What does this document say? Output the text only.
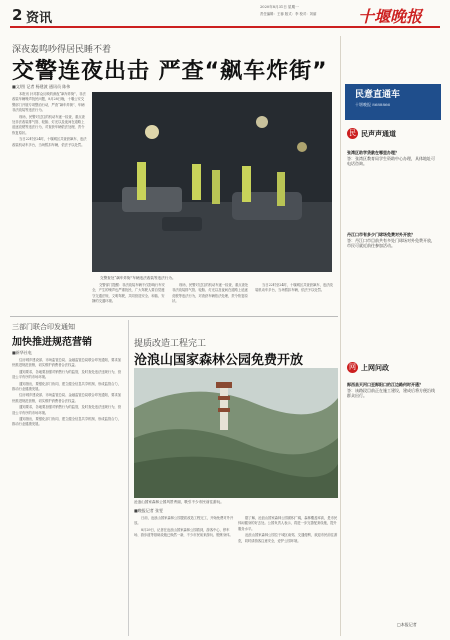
2 资讯
2020年8月31日 星期一
责任编辑：王蓉 版式：李 校对：刘丽	十堰晚报
深夜轰鸣吵得居民睡不着
交警连夜出击 严查“飙车炸街”
■文/图 记者 杨建波 通讯员 陈伟

本报讯 针对群众反映的深夜“飙车炸街”、非法改装车辆噪声扰民问题，8月28日晚，十堰公安交警部门开展专项整治行动，严查“飙车炸街”、车辆非法改装等违法行为。

现场，民警对过往的机动车逐一检查，重点查处非法改装排气管、轮胎、灯光以及夜间在道路上追逐竞驶等违法行为，对查获车辆依法处理，责令恢复原状。

当日22时至24时，十堰城区共查获飙车、违法改装机动车多台，当场暂扣车辆，依法予以处罚。

交警查处“飙车炸街”车辆违法改装等违法行为。

交警部门提醒：非法改装车辆不仅影响行车安全，产生的噪声也严重扰民，广大驾驶人要自觉遵守交通法规，文明驾驶，共同营造安全、和谐、安静的交通环境。

现场，民警对过往的机动车逐一检查，重点查处非法改装排气管、轮胎、灯光以及夜间在道路上追逐竞驶等违法行为，对查获车辆依法处理，责令恢复原状。

当日22时至24时，十堰城区共查获飙车、违法改装机动车多台，当场暂扣车辆，依法予以处罚。

民意直通车
十堰晚报 8688866
民 民声声通道
张湾区助学贷款在哪里办理？
答：张湾区教育局学生资助中心办理，具体地址可电话咨询。
丹江口市有多少门球场免费对外开放？
答：丹江口市目前共有多处门球场对外免费开放，市民可就近前往参加活动。
网 上网问政
郧西县天河口至郧阳口的江边路何时开通？
答：该路段目前正在施工建设，建成后将方便沿线群众出行。
□本报记者
三部门联合印发通知
加快推进规范营销
■新华社电

住房城乡建设部、市场监管总局、金融监管总局联合印发通知，要求加快推进规范营销，切实维护消费者合法权益。

通知要求，各地要加强对销售行为的监管，及时查处违法违规行为，营造公平有序的市场环境。

通知指出，要强化部门协同，建立健全信息共享机制，形成监管合力，推动行业健康发展。

住房城乡建设部、市场监管总局、金融监管总局联合印发通知，要求加快推进规范营销，切实维护消费者合法权益。

通知要求，各地要加强对销售行为的监管，及时查处违法违规行为，营造公平有序的市场环境。

通知指出，要强化部门协同，建立健全信息共享机制，形成监管合力，推动行业健康发展。

提质改造工程完工
沧浪山国家森林公园免费开放
沧浪山国家森林公园风景秀丽，吸引不少市民前往游玩。
■晚报记者 张雯

日前，沧浪山国家森林公园提质改造工程完工，开始免费对外开放。

8月29日，记者在沧浪山国家森林公园看到，游客中心、停车场、游步道等基础设施已焕然一新，不少市民前来游玩、锻炼身体。

据了解，沧浪山国家森林公园面积广阔，森林覆盖率高，是市民休闲健身的好去处。公园负责人表示，将进一步完善配套设施，提升服务水平。

沧浪山国家森林公园位于城区南郊，交通便利，欢迎市民前往游览，同时请游客注意安全，爱护公园环境。
